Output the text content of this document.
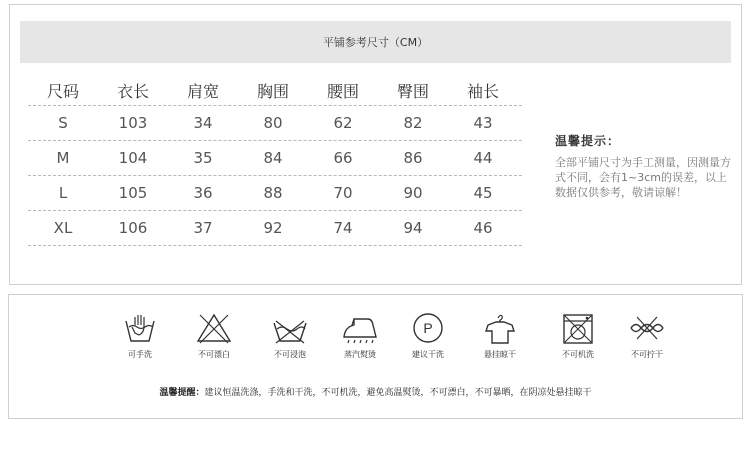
平铺参考尺寸（CM）
尺码	衣长	肩宽	胸围	腰围	臀围	袖长
S	103	34	80	62	82	43
M	104	35	84	66	86	44
L	105	36	88	70	90	45
XL	106	37	92	74	94	46
温馨提示：
全部平铺尺寸为手工测量，因测量方式不同，会有1~3cm的误差，以上数据仅供参考，敬请谅解！
可手洗	不可漂白	不可浸泡	蒸汽熨烫
P
建议干洗	悬挂晾干	不可机洗	不可拧干
温馨提醒：建议恒温洗涤，手洗和干洗，不可机洗，避免高温熨烫，不可漂白，不可暴晒，在阴凉处悬挂晾干
